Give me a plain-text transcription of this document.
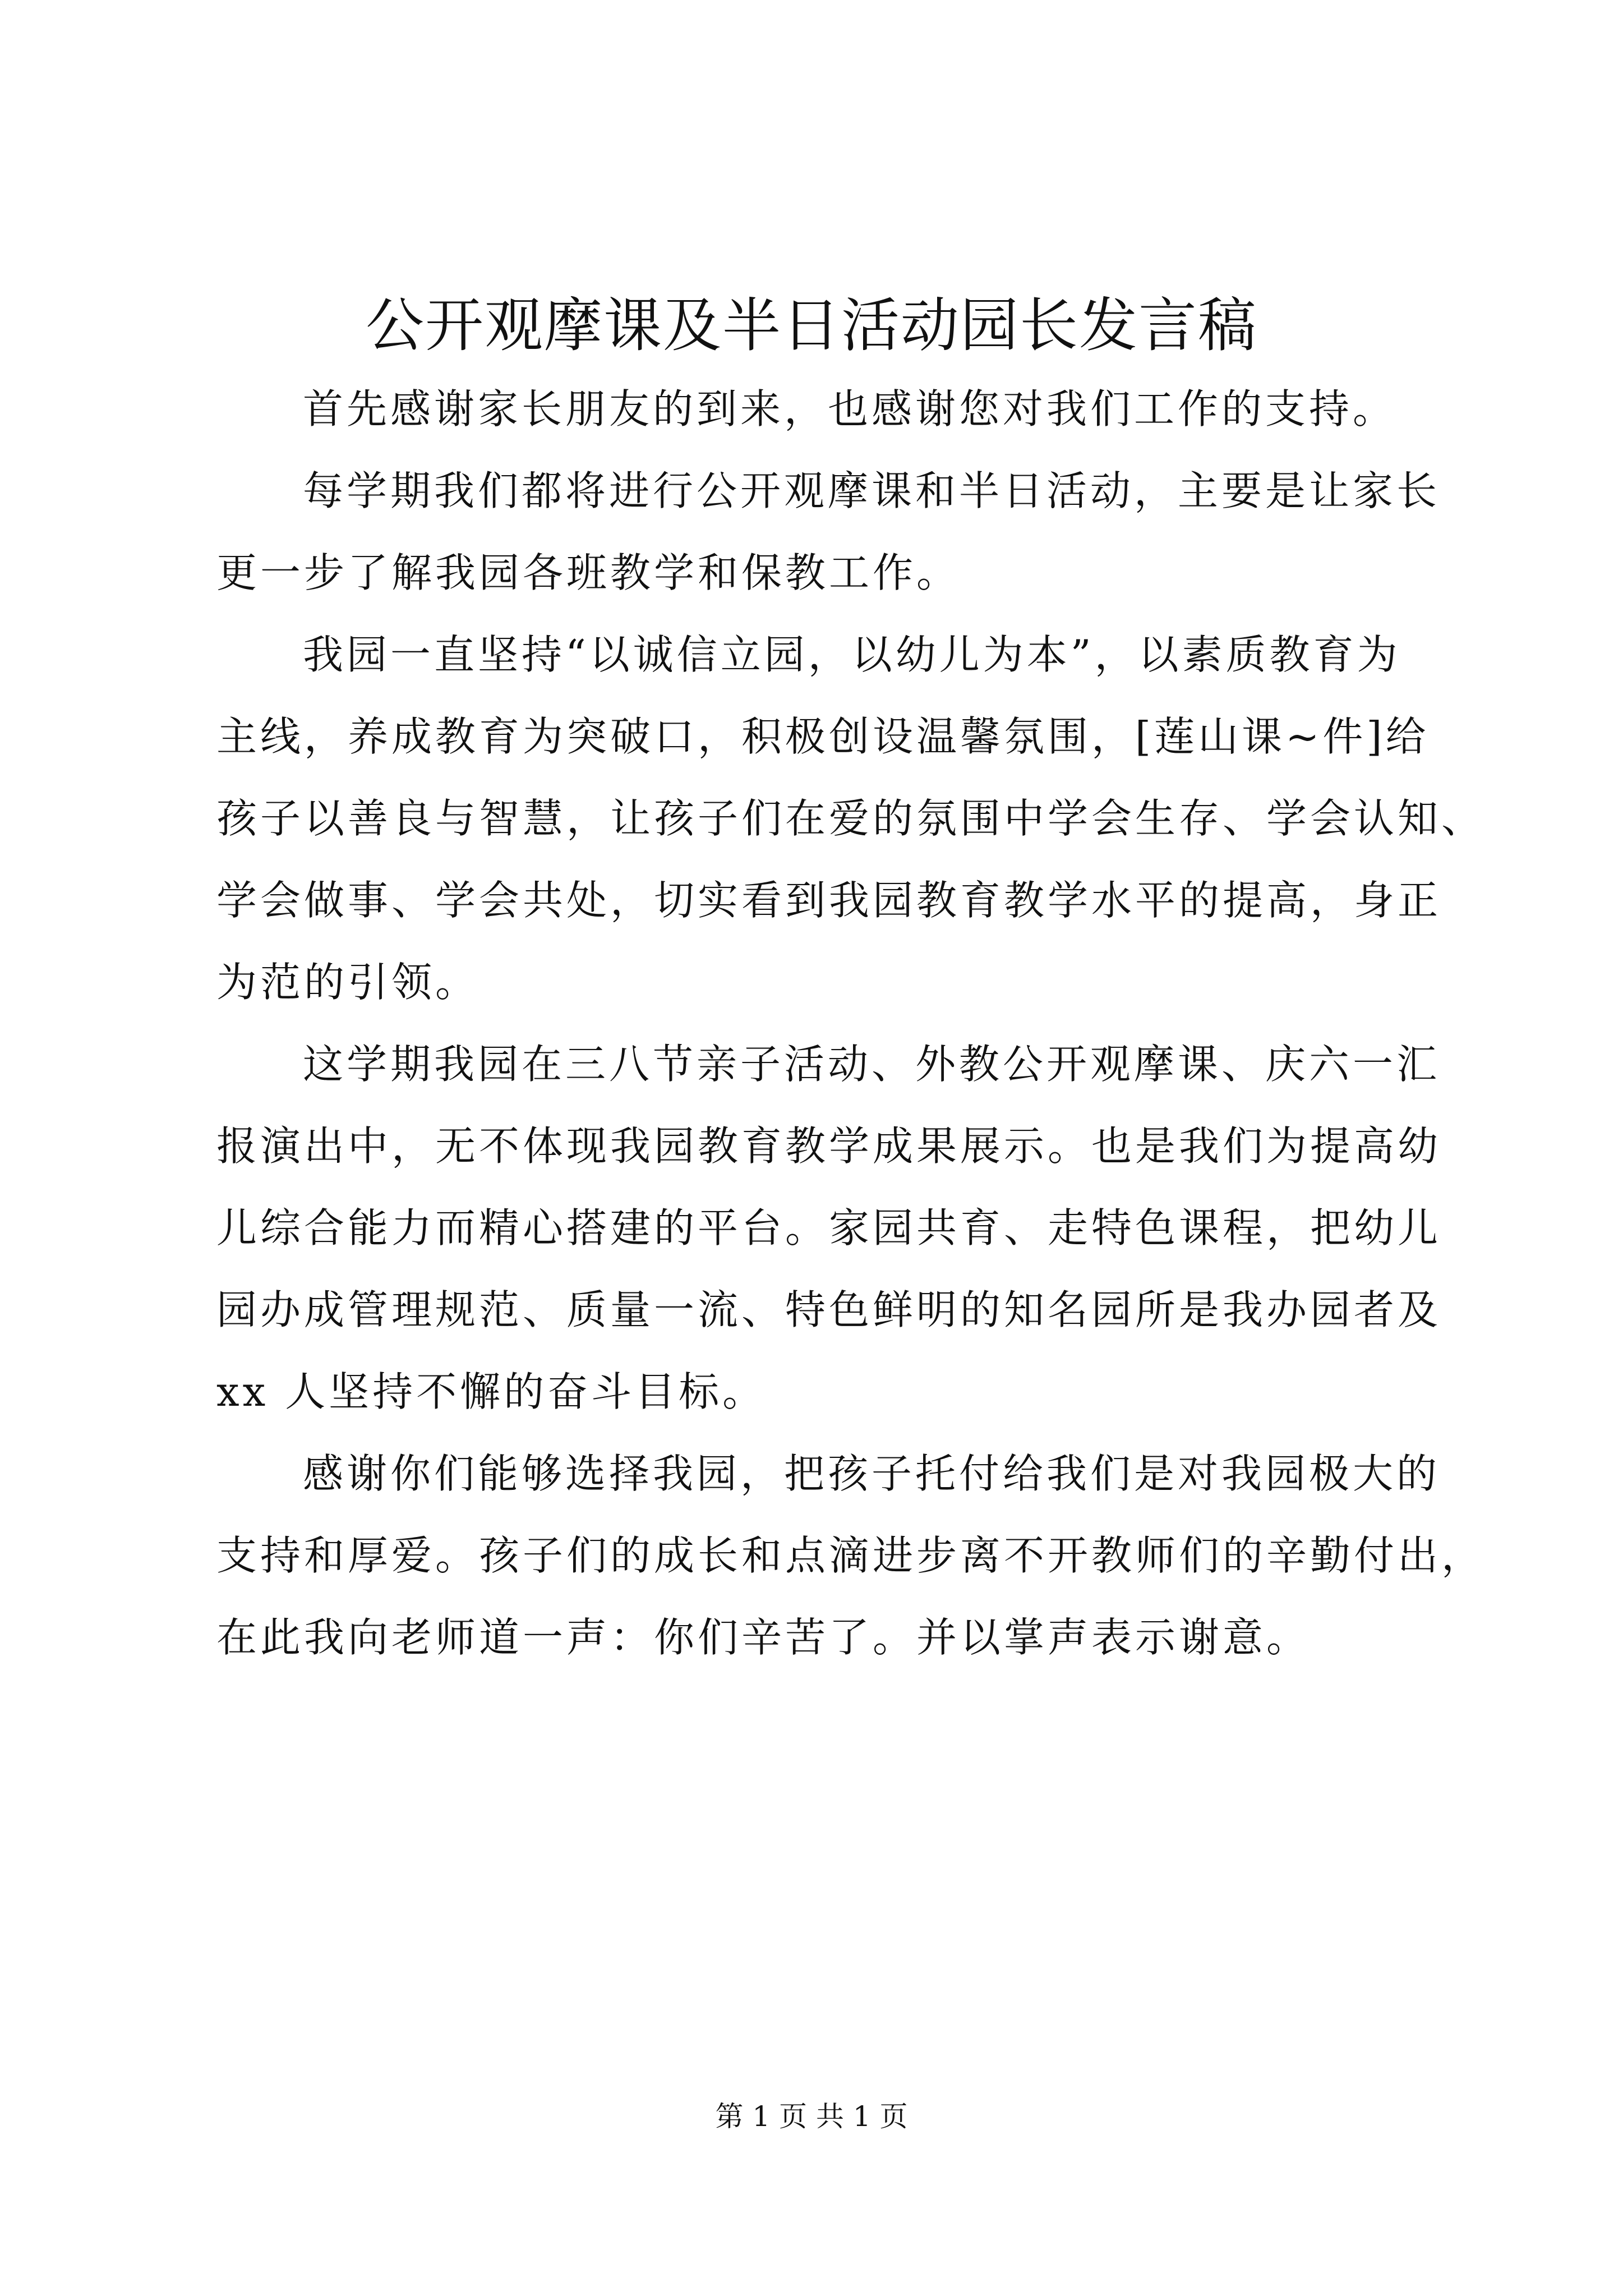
公开观摩课及半日活动园长发言稿

首先感谢家长朋友的到来，也感谢您对我们工作的支持。

每学期我们都将进行公开观摩课和半日活动，主要是让家长
更一步了解我园各班教学和保教工作。

我园一直坚持“以诚信立园，以幼儿为本”，以素质教育为
主线，养成教育为突破口，积极创设温馨氛围，[莲山课~件]给
孩子以善良与智慧，让孩子们在爱的氛围中学会生存、学会认知、
学会做事、学会共处，切实看到我园教育教学水平的提高，身正
为范的引领。

这学期我园在三八节亲子活动、外教公开观摩课、庆六一汇
报演出中，无不体现我园教育教学成果展示。也是我们为提高幼
儿综合能力而精心搭建的平台。家园共育、走特色课程，把幼儿
园办成管理规范、质量一流、特色鲜明的知名园所是我办园者及
xx 人坚持不懈的奋斗目标。

感谢你们能够选择我园，把孩子托付给我们是对我园极大的
支持和厚爱。孩子们的成长和点滴进步离不开教师们的辛勤付出，
在此我向老师道一声：你们辛苦了。并以掌声表示谢意。

第 1 页 共 1 页
